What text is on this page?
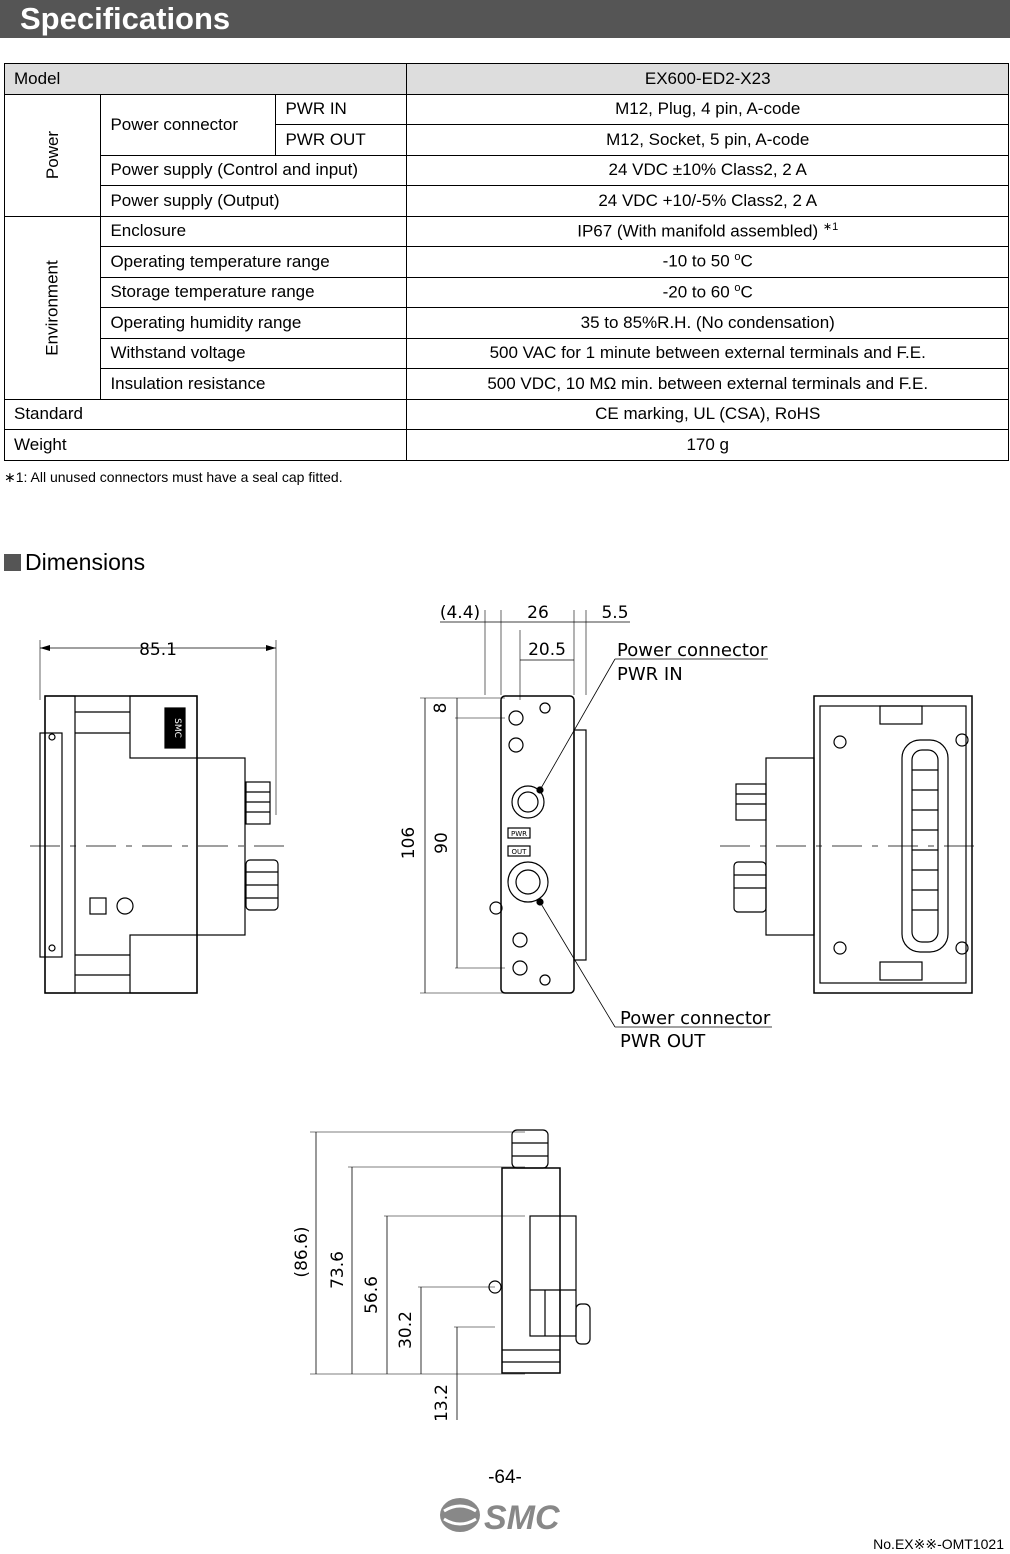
Specifications
Model			EX600-ED2-X23
Power	Power connector	PWR IN	M12, Plug, 4 pin, A-code
		PWR OUT	M12, Socket, 5 pin, A-code
	Power supply (Control and input)		24 VDC ±10% Class2, 2 A
	Power supply (Output)		24 VDC +10/-5% Class2, 2 A
Environment	Enclosure		IP67 (With manifold assembled) $^{∗1}$
	Operating temperature range		-10 to 50 $^o$C
	Storage temperature range		-20 to 60 $^o$C
	Operating humidity range		35 to 85%R.H. (No condensation)
	Withstand voltage		500 VAC for 1 minute between external terminals and F.E.
	Insulation resistance		500 VDC, 10 MΩ min. between external terminals and F.E.
Standard			CE marking, UL (CSA), RoHS
Weight			170 g
∗1: All unused connectors must have a seal cap fitted.
Dimensions
85.1
SMC
(4.4)	26	5.5
20.5
8
90
106	PWR
OUT
Power connector
PWR IN
Power connector
PWR OUT
(86.6) 73.6
56.6
30.2
13.2
-64-
SMC
No.EX※※-OMT1021
